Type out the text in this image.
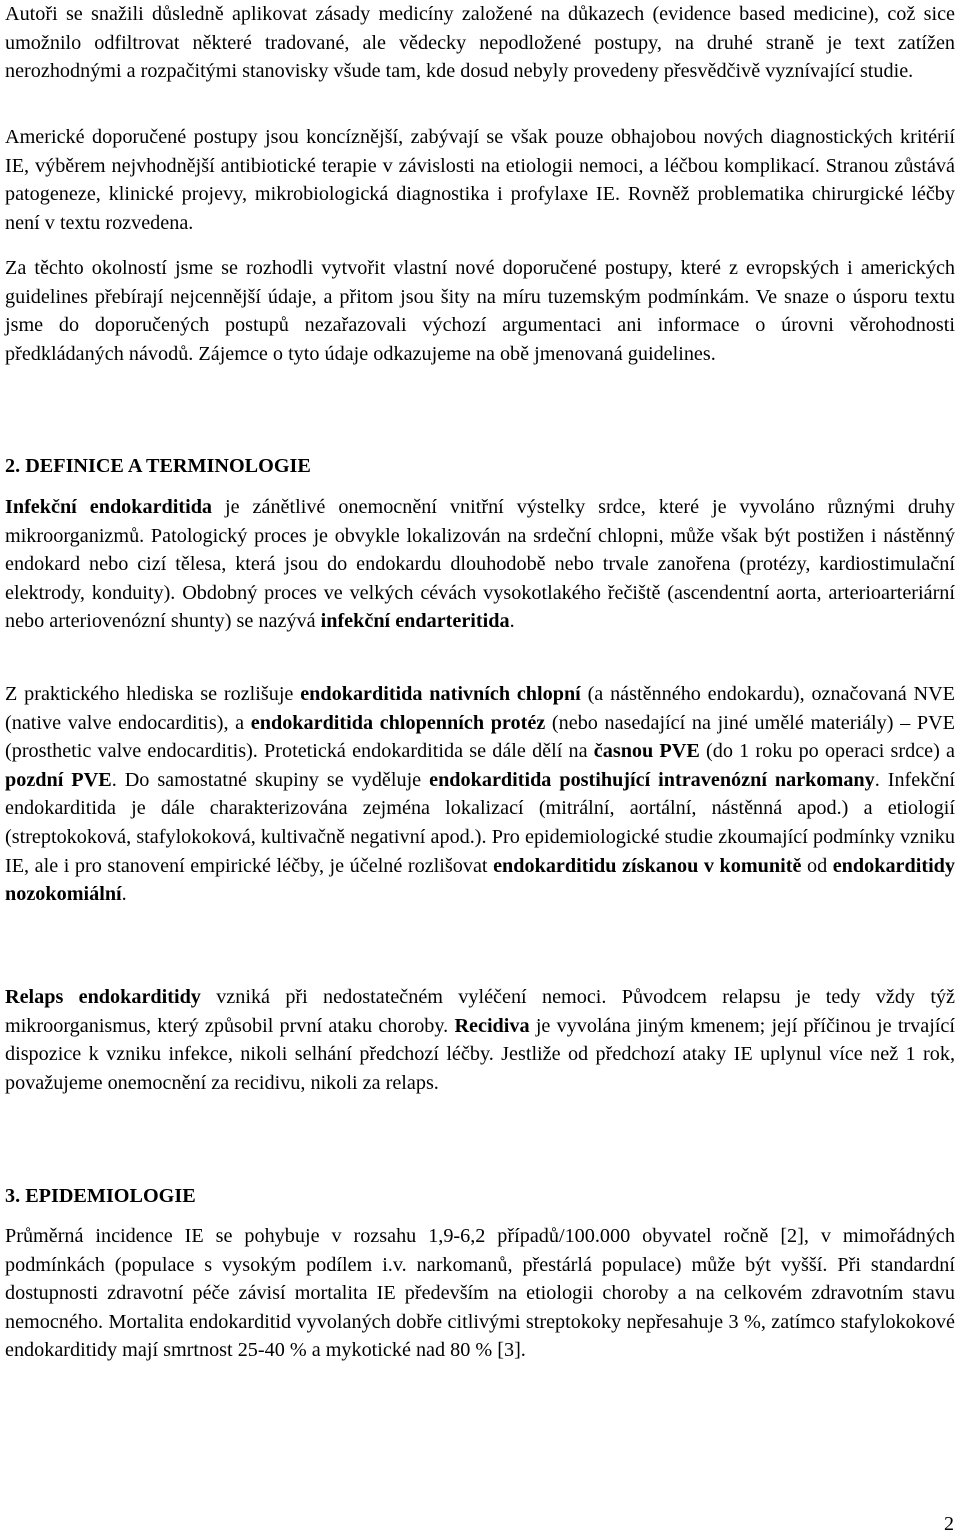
Autoři se snažili důsledně aplikovat zásady medicíny založené na důkazech (evidence based medicine), což sice umožnilo odfiltrovat některé tradované, ale vědecky nepodložené postupy, na druhé straně je text zatížen nerozhodnými a rozpačitými stanovisky všude tam, kde dosud nebyly provedeny přesvědčivě vyznívající studie.

Americké doporučené postupy jsou koncíznější, zabývají se však pouze obhajobou nových diagnostických kritérií IE, výběrem nejvhodnější antibiotické terapie v závislosti na etiologii nemoci, a léčbou komplikací. Stranou zůstává patogeneze, klinické projevy, mikrobiologická diagnostika i profylaxe IE. Rovněž problematika chirurgické léčby není v textu rozvedena.

Za těchto okolností jsme se rozhodli vytvořit vlastní nové doporučené postupy, které z evropských i amerických guidelines přebírají nejcennější údaje, a přitom jsou šity na míru tuzemským podmínkám. Ve snaze o úsporu textu jsme do doporučených postupů nezařazovali výchozí argumentaci ani informace o úrovni věrohodnosti předkládaných návodů. Zájemce o tyto údaje odkazujeme na obě jmenovaná guidelines.

2. DEFINICE A TERMINOLOGIE

Infekční endokarditida je zánětlivé onemocnění vnitřní výstelky srdce, které je vyvoláno různými druhy mikroorganizmů. Patologický proces je obvykle lokalizován na srdeční chlopni, může však být postižen i nástěnný endokard nebo cizí tělesa, která jsou do endokardu dlouhodobě nebo trvale zanořena (protézy, kardiostimulační elektrody, konduity). Obdobný proces ve velkých cévách vysokotlakého řečiště (ascendentní aorta, arterioarteriární nebo arteriovenózní shunty) se nazývá infekční endarteritida.

Z praktického hlediska se rozlišuje endokarditida nativních chlopní (a nástěnného endokardu), označovaná NVE (native valve endocarditis), a endokarditida chlopenních protéz (nebo nasedající na jiné umělé materiály) – PVE (prosthetic valve endocarditis). Protetická endokarditida se dále dělí na časnou PVE (do 1 roku po operaci srdce) a pozdní PVE. Do samostatné skupiny se vyděluje endokarditida postihující intravenózní narkomany. Infekční endokarditida je dále charakterizována zejména lokalizací (mitrální, aortální, nástěnná apod.) a etiologií (streptokoková, stafylokoková, kultivačně negativní apod.). Pro epidemiologické studie zkoumající podmínky vzniku IE, ale i pro stanovení empirické léčby, je účelné rozlišovat endokarditidu získanou v komunitě od endokarditidy nozokomiální.

Relaps endokarditidy vzniká při nedostatečném vyléčení nemoci. Původcem relapsu je tedy vždy týž mikroorganismus, který způsobil první ataku choroby. Recidiva je vyvolána jiným kmenem; její příčinou je trvající dispozice k vzniku infekce, nikoli selhání předchozí léčby. Jestliže od předchozí ataky IE uplynul více než 1 rok, považujeme onemocnění za recidivu, nikoli za relaps.

3. EPIDEMIOLOGIE

Průměrná incidence IE se pohybuje v rozsahu 1,9-6,2 případů/100.000 obyvatel ročně [2], v mimořádných podmínkách (populace s vysokým podílem i.v. narkomanů, přestárlá populace) může být vyšší. Při standardní dostupnosti zdravotní péče závisí mortalita IE především na etiologii choroby a na celkovém zdravotním stavu nemocného. Mortalita endokarditid vyvolaných dobře citlivými streptokoky nepřesahuje 3 %, zatímco stafylokokové endokarditidy mají smrtnost 25-40 % a mykotické nad 80 % [3].

2
